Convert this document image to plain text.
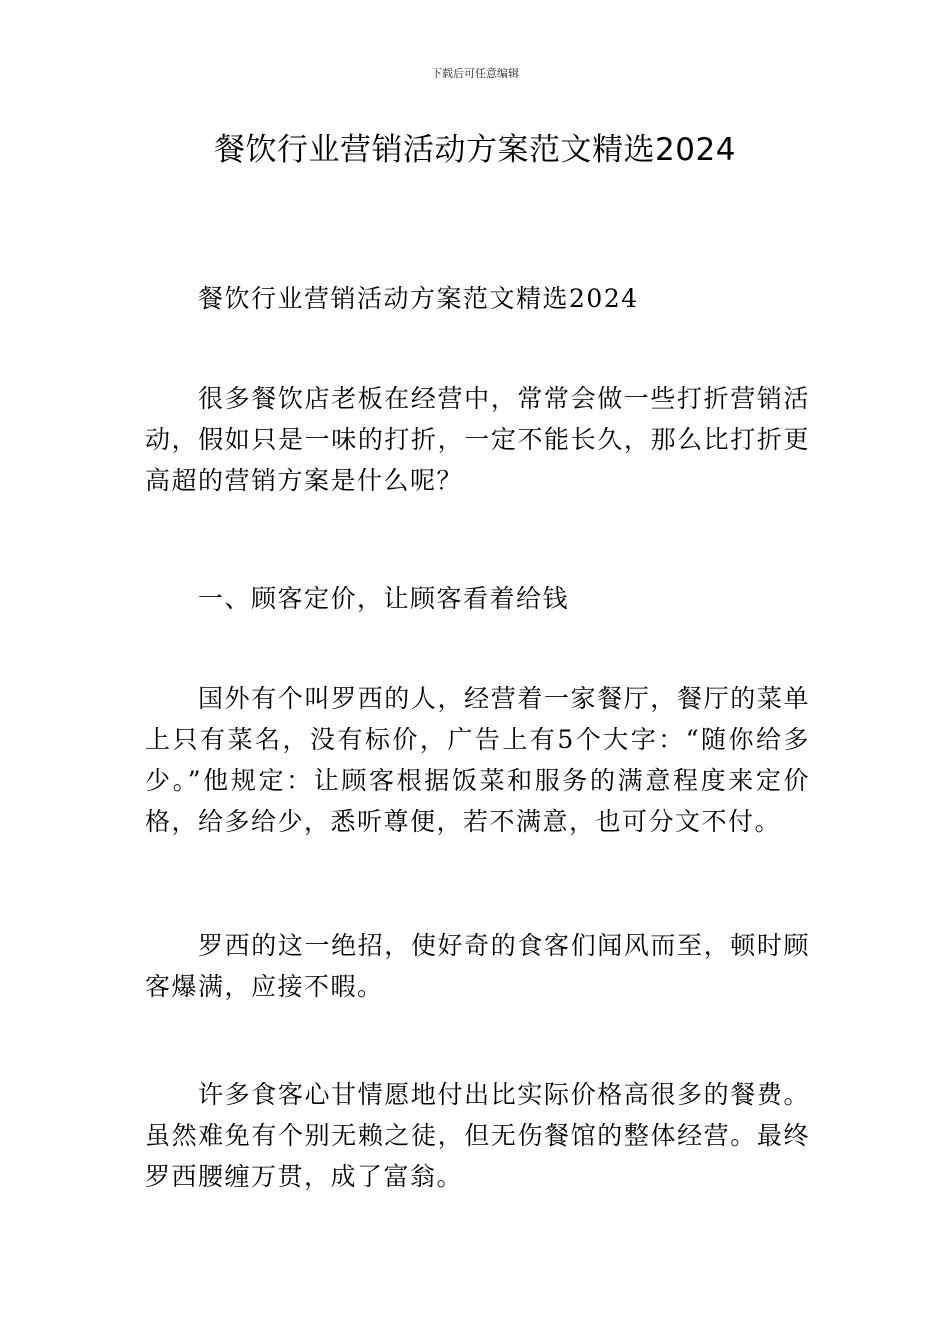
下载后可任意编辑
餐饮行业营销活动方案范文精选2024

餐饮行业营销活动方案范文精选2024

很多餐饮店老板在经营中，常常会做一些打折营销活动，假如只是一味的打折，一定不能长久，那么比打折更高超的营销方案是什么呢？

一、顾客定价，让顾客看着给钱

国外有个叫罗西的人，经营着一家餐厅，餐厅的菜单上只有菜名，没有标价，广告上有5个大字：“随你给多少。”他规定：让顾客根据饭菜和服务的满意程度来定价格，给多给少，悉听尊便，若不满意，也可分文不付。

罗西的这一绝招，使好奇的食客们闻风而至，顿时顾客爆满，应接不暇。

许多食客心甘情愿地付出比实际价格高很多的餐费。虽然难免有个别无赖之徒，但无伤餐馆的整体经营。最终罗西腰缠万贯，成了富翁。
